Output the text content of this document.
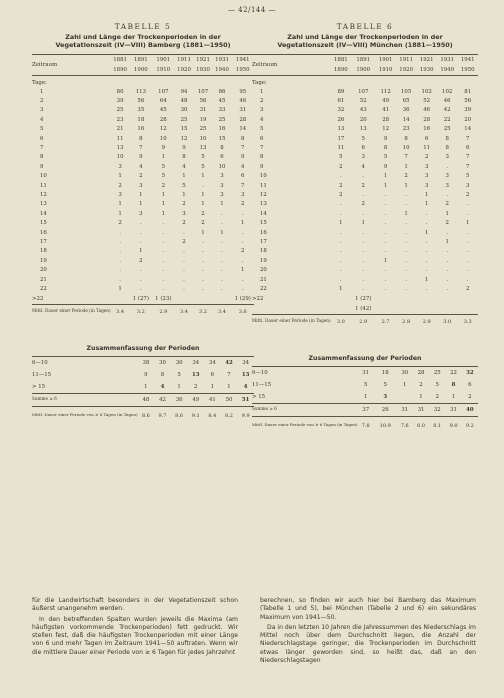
— 42/144 —
TABELLE 5
Zahl und Länge der Trockenperioden in der
Vegetationszeit (IV—VIII) Bamberg (1881—1950)
Zeitraum	1881	1891	1901	1911	1921	1931	1941
	1890	1900	1910	1920	1930	1940	1950

Tage:							
1	80	113	107	94	107	86	95
2	39	56	64	48	56	45	46
3	25	35	45	30	31	33	31
4	23	18	28	25	19	25	28
5	21	16	12	15	25	16	14
6	11	8	10	12	10	15	8
7	13	7	9	9	13	8	7
8	10	9	1	8	5	6	9
9	3	4	5	4	5	10	4
10	1	2	5	1	1	3	6
11	2	3	2	5	.	3	7
12	3	1	1	1	1	3	3
13	1	1	1	2	1	1	2
14	1	3	1	3	2	.	.
15	2	.	.	2	2	.	1
16	.	.	.	.	1	1	.
17	.	.	.	2	.	.	.
18	.	1	.	.	.	.	2
19	.	2	.	.	.	.	.
20	.	.	.	.	.	.	1
21	.	.	.	.	.	.	.
22	1	.	.	.	.	.	.
>22		1 (27)	1 (23)				1 (29)
Mittl. Dauer einer Periode (in Tagen)	3.4	3.2	2.9	3.4	3.2	3.4	3.6
Zusammenfassung der Perioden
6—10	38	30	30	34	34	42	34
11—15	9	8	5	13	6	7	13
> 15	1	4	1	2	1	1	4
Summe ≥ 6	48	42	36	49	41	50	51
Mittl. Dauer einer Periode von ≥ 6 Tagen (in Tagen)	8.6	9.7	8.6	9.1	8.4	8.2	9.9
TABELLE 6
Zahl und Länge der Trockenperioden in der
Vegetationszeit (IV—VIII) München (1881—1950)
Zeitraum	1881	1891	1901	1911	1921	1931	1941
	1890	1900	1910	1920	1930	1940	1950

Tage:							
1	89	107	112	105	102	102	81
2	61	52	49	65	52	46	56
3	32	43	41	36	46	42	39
4	26	20	28	14	28	22	20
5	13	13	12	23	16	25	14
6	17	5	9	8	6	8	7
7	11	6	8	10	11	8	6
8	5	3	5	7	2	3	7
9	2	4	9	1	3	.	7
10	.	.	1	2	3	3	5
11	2	2	1	1	3	3	3
12	2	.	.	.	1	.	2
13	.	2	.	.	1	2	.
14	.	.	.	1	.	1	.
15	1	1	.	.	.	2	1
16	.	.	.	.	1	.	.
17	.	.	.	.	.	1	.
18	.	.	.	.	.	.	.
19	.	.	1	.	.	.	.
20	.	.	.	.	.	.	.
21	.	.	.	.	1	.	.
22	1	.	.	.	.	.	2
>22		1 (27)					
		1 (42)					
Mittl. Dauer einer Periode (in Tagen)	3.0	2.9	2.7	2.8	2.9	3.0	3.3
Zusammenfassung der Perioden
6—10	31	18	30	28	25	22	32
11—15	5	5	1	2	5	8	6
> 15	1	3		1	2	1	2
Summe ≥ 6	37	26	31	31	32	31	40
Mittl. Dauer einer Periode von ≥ 6 Tagen (in Tagen)	7.8	10.9	7.6	8.0	8.1	9.0	9.2

für die Landwirtschaft besonders in der Vegetationszeit schon äußerst unangenehm werden.

In den betreffenden Spalten wurden jeweils die Maxima (am häufigsten vorkommende Trockenperioden) fett gedruckt. Wir stellen fest, daß die häufigsten Trockenperioden mit einer Länge von 6 und mehr Tagen im Zeitraum 1941—50 auftraten. Wenn wir die mittlere Dauer einer Periode von ≥ 6 Tagen für jedes Jahrzehnt

berechnen, so finden wir auch hier bei Bamberg das Maximum (Tabelle 1 und 5), bei München (Tabelle 2 und 6) ein sekundäres Maximum von 1941—50.

Da in den letzten 10 Jahren die Jahressummen des Niederschlags im Mittel noch über dem Durchschnitt liegen, die Anzahl der Niederschlagstage geringer, die Trockenperioden im Durchschnitt etwas länger geworden sind, so heißt das, daß an den Niederschlagstagen
